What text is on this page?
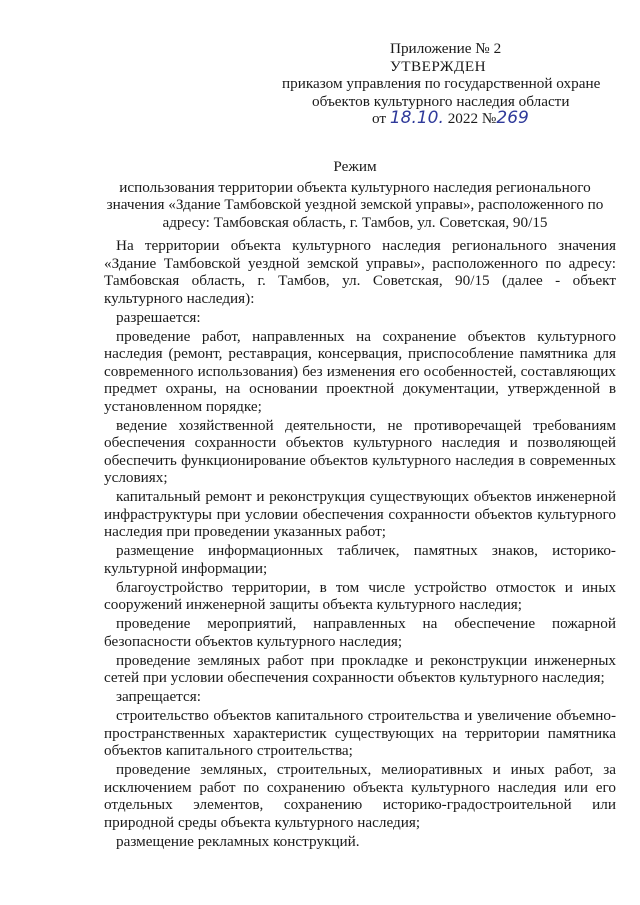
Приложение № 2
УТВЕРЖДЕН
приказом управления по государственной охране
объектов культурного наследия области
от 18.10. 2022 №269
Режим
использования территории объекта культурного наследия регионального
значения «Здание Тамбовской уездной земской управы», расположенного по
адресу: Тамбовская область, г. Тамбов, ул. Советская, 90/15

На территории объекта культурного наследия регионального значения «Здание Тамбовской уездной земской управы», расположенного по адресу: Тамбовская область, г. Тамбов, ул. Советская, 90/15 (далее - объект культурного наследия):

разрешается:

проведение работ, направленных на сохранение объектов культурного наследия (ремонт, реставрация, консервация, приспособление памятника для современного использования) без изменения его особенностей, составляющих предмет охраны, на основании проектной документации, утвержденной в установленном порядке;

ведение хозяйственной деятельности, не противоречащей требованиям обеспечения сохранности объектов культурного наследия и позволяющей обеспечить функционирование объектов культурного наследия в современных условиях;

капитальный ремонт и реконструкция существующих объектов инженерной инфраструктуры при условии обеспечения сохранности объектов культурного наследия при проведении указанных работ;

размещение информационных табличек, памятных знаков, историко-культурной информации;

благоустройство территории, в том числе устройство отмосток и иных сооружений инженерной защиты объекта культурного наследия;

проведение мероприятий, направленных на обеспечение пожарной безопасности объектов культурного наследия;

проведение земляных работ при прокладке и реконструкции инженерных сетей при условии обеспечения сохранности объектов культурного наследия;

запрещается:

строительство объектов капитального строительства и увеличение объемно-пространственных характеристик существующих на территории памятника объектов капитального строительства;

проведение земляных, строительных, мелиоративных и иных работ, за исключением работ по сохранению объекта культурного наследия или его отдельных элементов, сохранению историко-градостроительной или природной среды объекта культурного наследия;

размещение рекламных конструкций.
